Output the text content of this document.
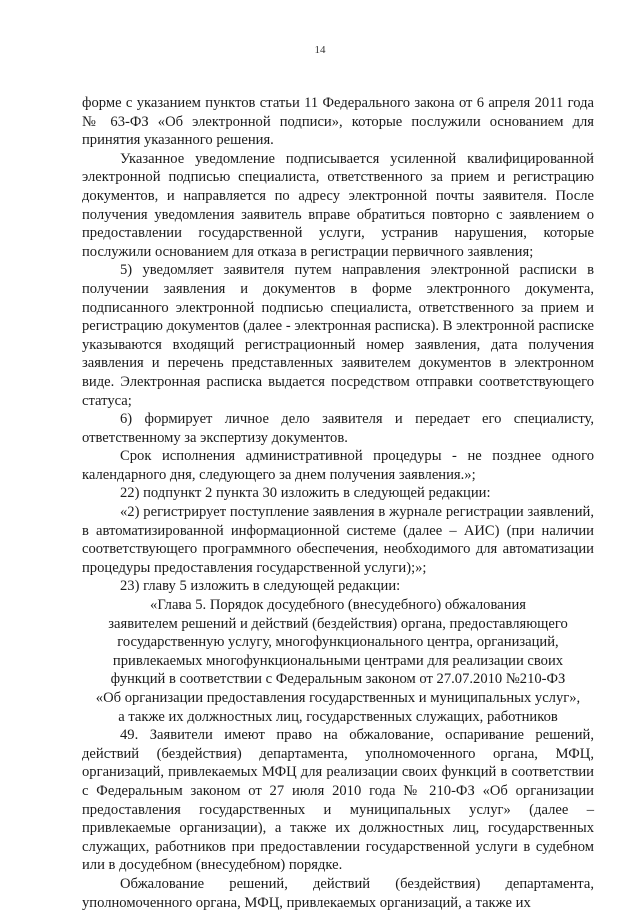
14

форме с указанием пунктов статьи 11 Федерального закона от 6 апреля 2011 года № 63-ФЗ «Об электронной подписи», которые послужили основанием для принятия указанного решения.

Указанное уведомление подписывается усиленной квалифицированной электронной подписью специалиста, ответственного за прием и регистрацию документов, и направляется по адресу электронной почты заявителя. После получения уведомления заявитель вправе обратиться повторно с заявлением о предоставлении государственной услуги, устранив нарушения, которые послужили основанием для отказа в регистрации первичного заявления;

5) уведомляет заявителя путем направления электронной расписки в получении заявления и документов в форме электронного документа, подписанного электронной подписью специалиста, ответственного за прием и регистрацию документов (далее - электронная расписка). В электронной расписке указываются входящий регистрационный номер заявления, дата получения заявления и перечень представленных заявителем документов в электронном виде. Электронная расписка выдается посредством отправки соответствующего статуса;

6) формирует личное дело заявителя и передает его специалисту, ответственному за экспертизу документов.

Срок исполнения административной процедуры - не позднее одного календарного дня, следующего за днем получения заявления.»;

22) подпункт 2 пункта 30 изложить в следующей редакции:

«2) регистрирует поступление заявления в журнале регистрации заявлений, в автоматизированной информационной системе (далее – АИС) (при наличии соответствующего программного обеспечения, необходимого для автоматизации процедуры предоставления государственной услуги);»;

23) главу 5 изложить в следующей редакции:

«Глава 5. Порядок досудебного (внесудебного) обжалования
заявителем решений и действий (бездействия) органа, предоставляющего
государственную услугу, многофункционального центра, организаций,
привлекаемых многофункциональными центрами для реализации своих
функций в соответствии с Федеральным законом от 27.07.2010 №210-ФЗ
«Об организации предоставления государственных и муниципальных услуг»,
а также их должностных лиц, государственных служащих, работников

49. Заявители имеют право на обжалование, оспаривание решений, действий (бездействия) департамента, уполномоченного органа, МФЦ, организаций, привлекаемых МФЦ для реализации своих функций в соответствии с Федеральным законом от 27 июля 2010 года № 210-ФЗ «Об организации предоставления государственных и муниципальных услуг» (далее – привлекаемые организации), а также их должностных лиц, государственных служащих, работников при предоставлении государственной услуги в судебном или в досудебном (внесудебном) порядке.

Обжалование решений, действий (бездействия) департамента, уполномоченного органа, МФЦ, привлекаемых организаций, а также их
